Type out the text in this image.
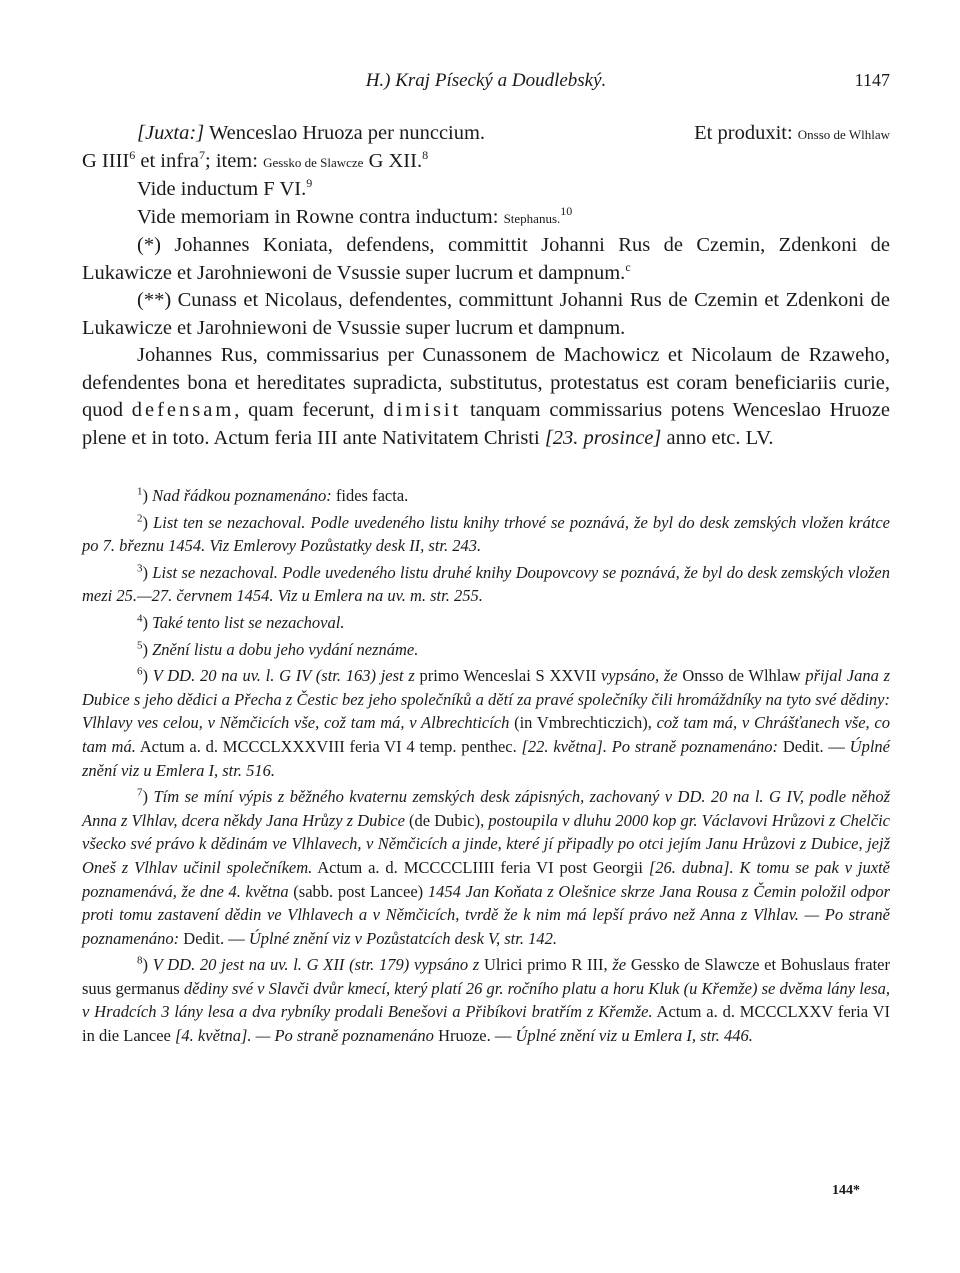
H.) Kraj Písecký a Doudlebský.	1147

[Juxta:] Wenceslao Hruoza per nunccium.	Et produxit: Onsso de Wlhlaw

G IIII$^6$ et infra$^7$; item: Gessko de Slawcze G XII.$^8$

Vide inductum F VI.$^9$

Vide memoriam in Rowne contra inductum: Stephanus.$^{10}$

(*) Johannes Koniata, defendens, committit Johanni Rus de Czemin, Zdenkoni de Lukawicze et Jarohniewoni de Vsussie super lucrum et dampnum.$^c$

(**) Cunass et Nicolaus, defendentes, committunt Johanni Rus de Czemin et Zdenkoni de Lukawicze et Jarohniewoni de Vsussie super lucrum et dampnum.

Johannes Rus, commissarius per Cunassonem de Machowicz et Nicolaum de Rzaweho, defendentes bona et hereditates supradicta, substitutus, protestatus est coram beneficiariis curie, quod defensam, quam fecerunt, dimisit tanquam commissarius potens Wenceslao Hruoze plene et in toto. Actum feria III ante Nativitatem Christi [23. prosince] anno etc. LV.

$^1$) Nad řádkou poznamenáno: fides facta.

$^2$) List ten se nezachoval. Podle uvedeného listu knihy trhové se poznává, že byl do desk zemských vložen krátce po 7. březnu 1454. Viz Emlerovy Pozůstatky desk II, str. 243.

$^3$) List se nezachoval. Podle uvedeného listu druhé knihy Doupovcovy se poznává, že byl do desk zemských vložen mezi 25.—27. červnem 1454. Viz u Emlera na uv. m. str. 255.

$^4$) Také tento list se nezachoval.

$^5$) Znění listu a dobu jeho vydání neznáme.

$^6$) V DD. 20 na uv. l. G IV (str. 163) jest z primo Wenceslai S XXVII vypsáno, že Onsso de Wlhlaw přijal Jana z Dubice s jeho dědici a Přecha z Čestic bez jeho společníků a dětí za pravé společníky čili hromáždníky na tyto své dědiny: Vlhlavy ves celou, v Němčicích vše, což tam má, v Albrechticích (in Vmbrechticzich), což tam má, v Chrášťanech vše, co tam má. Actum a. d. MCCCLXXXVIII feria VI 4 temp. penthec. [22. května]. Po straně poznamenáno: Dedit. — Úplné znění viz u Emlera I, str. 516.

$^7$) Tím se míní výpis z běžného kvaternu zemských desk zápisných, zachovaný v DD. 20 na l. G IV, podle něhož Anna z Vlhlav, dcera někdy Jana Hrůzy z Dubice (de Dubic), postoupila v dluhu 2000 kop gr. Václavovi Hrůzovi z Chelčic všecko své právo k dědinám ve Vlhlavech, v Němčicích a jinde, které jí připadly po otci jejím Janu Hrůzovi z Dubice, jejž Oneš z Vlhlav učinil společníkem. Actum a. d. MCCCCLIIII feria VI post Georgii [26. dubna]. K tomu se pak v juxtě poznamenává, že dne 4. května (sabb. post Lancee) 1454 Jan Koňata z Olešnice skrze Jana Rousa z Čemin položil odpor proti tomu zastavení dědin ve Vlhlavech a v Němčicích, tvrdě že k nim má lepší právo než Anna z Vlhlav. — Po straně poznamenáno: Dedit. — Úplné znění viz v Pozůstatcích desk V, str. 142.

$^8$) V DD. 20 jest na uv. l. G XII (str. 179) vypsáno z Ulrici primo R III, že Gessko de Slawcze et Bohuslaus frater suus germanus dědiny své v Slavči dvůr kmecí, který platí 26 gr. ročního platu a horu Kluk (u Křemže) se dvěma lány lesa, v Hradcích 3 lány lesa a dva rybníky prodali Benešovi a Přibíkovi bratřím z Křemže. Actum a. d. MCCCLXXV feria VI in die Lancee [4. května]. — Po straně poznamenáno Hruoze. — Úplné znění viz u Emlera I, str. 446.

144*
